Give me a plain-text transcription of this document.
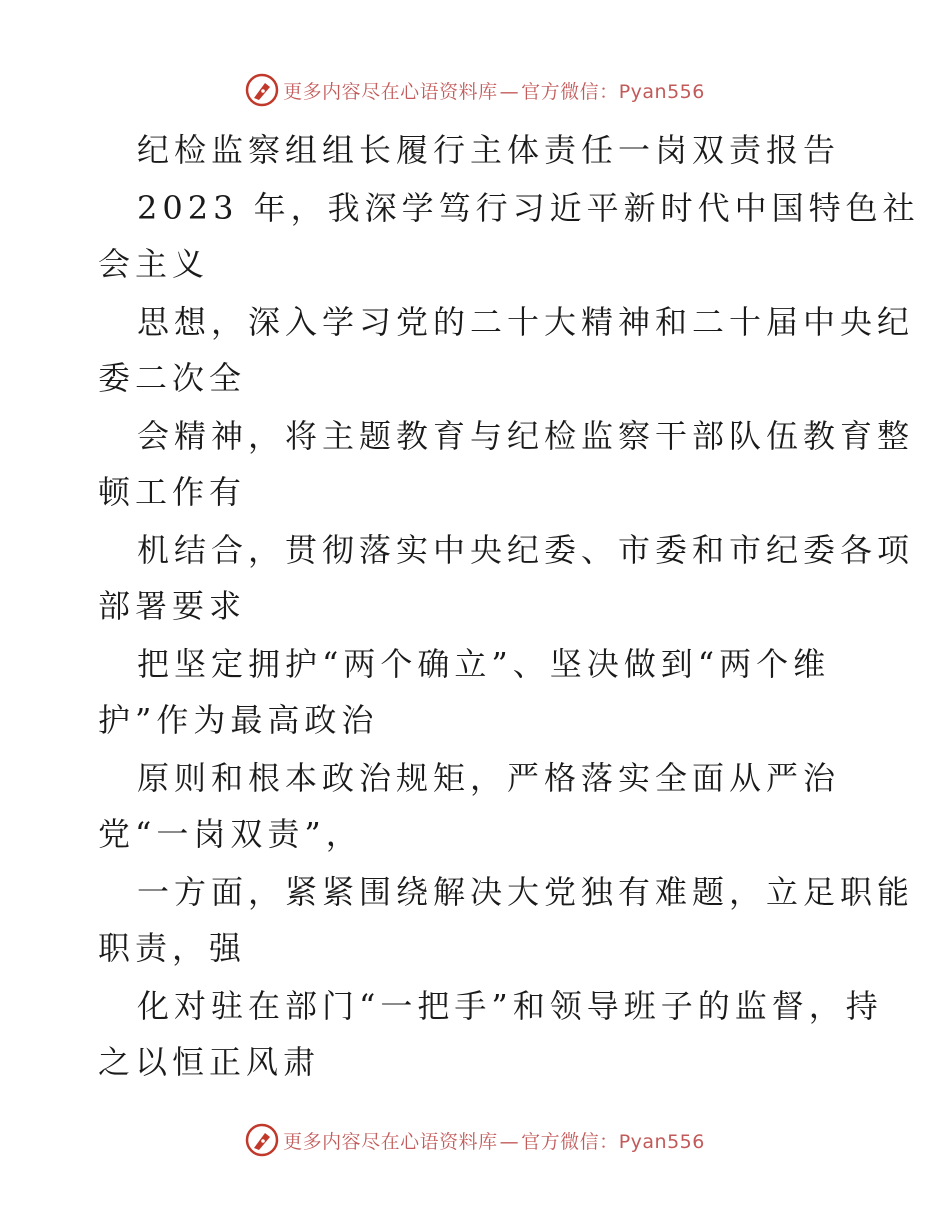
更多内容尽在心语资料库 — 官方微信：Pyan556
纪检监察组组长履行主体责任一岗双责报告
2023 年，我深学笃行习近平新时代中国特色社
会主义
思想，深入学习党的二十大精神和二十届中央纪
委二次全
会精神，将主题教育与纪检监察干部队伍教育整
顿工作有
机结合，贯彻落实中央纪委、市委和市纪委各项
部署要求
把坚定拥护“两个确立”、坚决做到“两个维
护”作为最高政治
原则和根本政治规矩，严格落实全面从严治
党“一岗双责”，
一方面，紧紧围绕解决大党独有难题，立足职能
职责，强
化对驻在部门“一把手”和领导班子的监督，持
之以恒正风肃
更多内容尽在心语资料库 — 官方微信：Pyan556
